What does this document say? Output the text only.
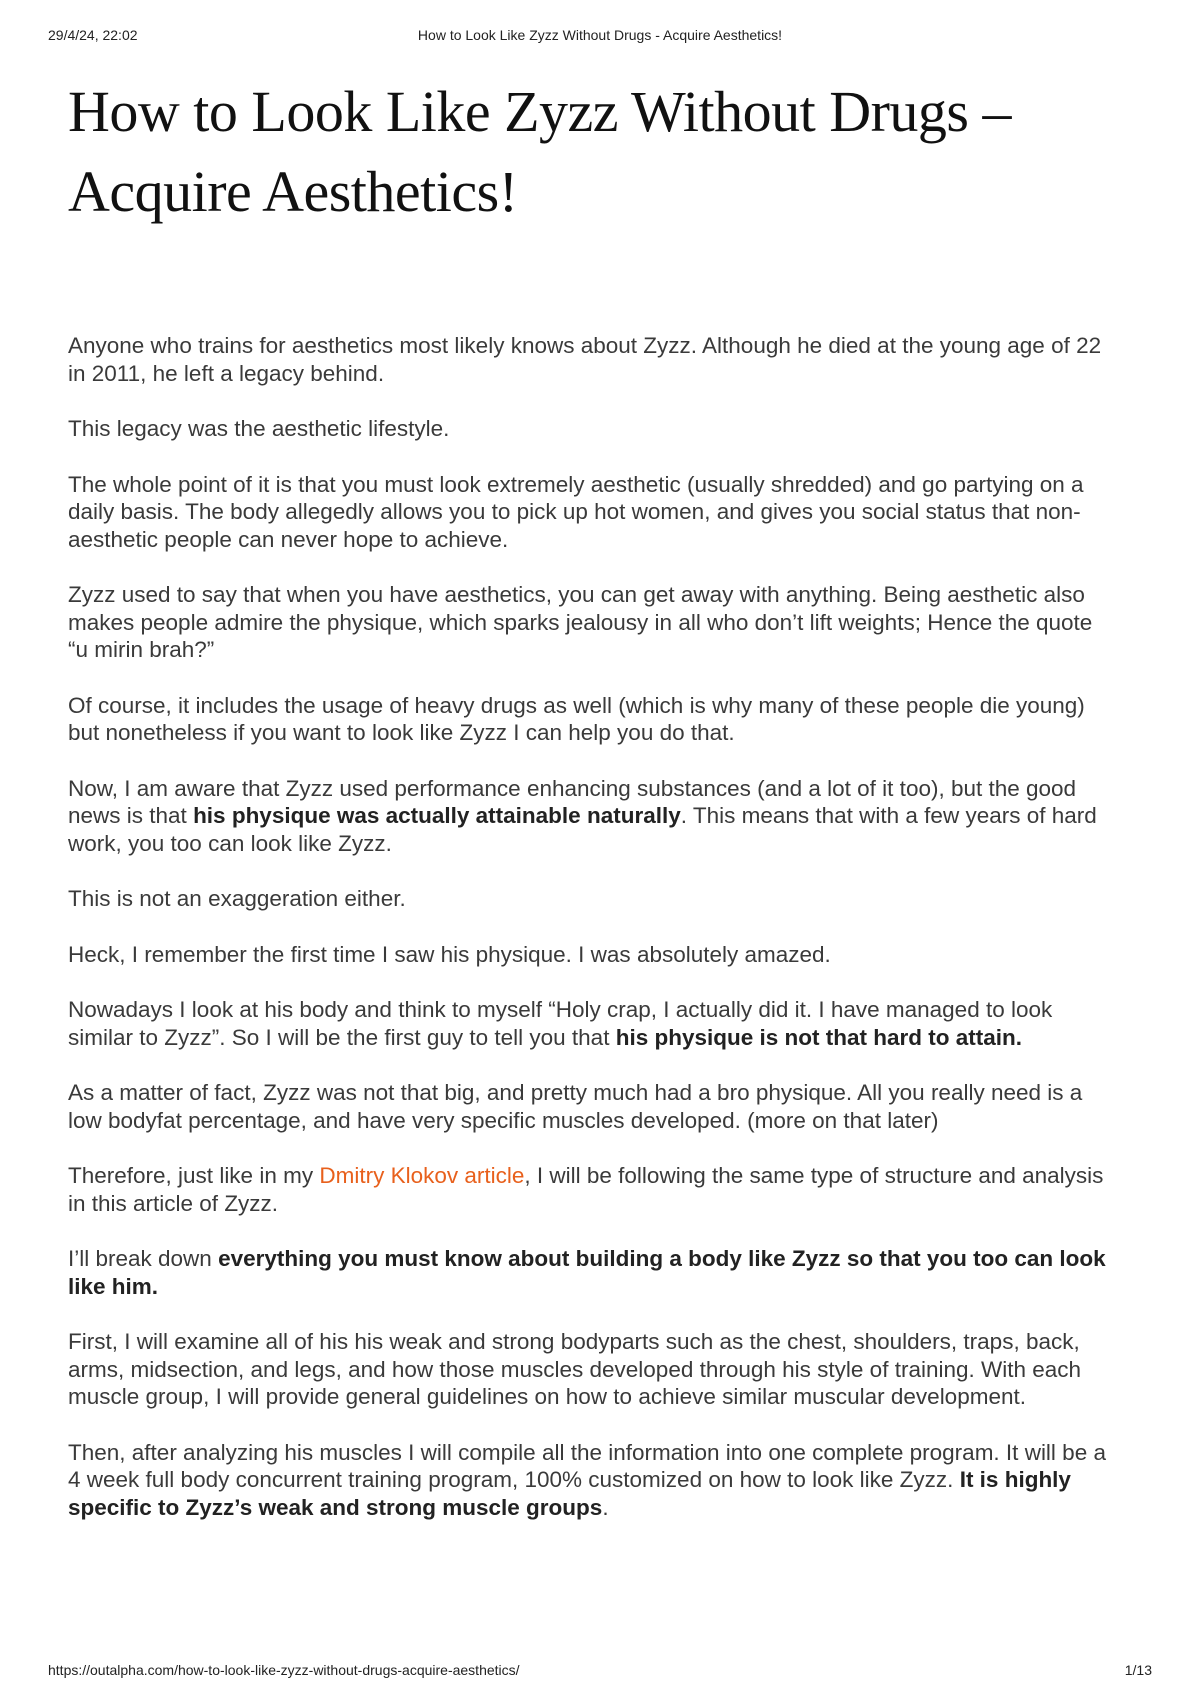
29/4/24, 22:02	How to Look Like Zyzz Without Drugs - Acquire Aesthetics!
How to Look Like Zyzz Without Drugs – Acquire Aesthetics!

Anyone who trains for aesthetics most likely knows about Zyzz. Although he died at the young age of 22 in 2011, he left a legacy behind.

This legacy was the aesthetic lifestyle.

The whole point of it is that you must look extremely aesthetic (usually shredded) and go partying on a daily basis. The body allegedly allows you to pick up hot women, and gives you social status that non-aesthetic people can never hope to achieve.

Zyzz used to say that when you have aesthetics, you can get away with anything. Being aesthetic also makes people admire the physique, which sparks jealousy in all who don’t lift weights; Hence the quote “u mirin brah?”

Of course, it includes the usage of heavy drugs as well (which is why many of these people die young) but nonetheless if you want to look like Zyzz I can help you do that.

Now, I am aware that Zyzz used performance enhancing substances (and a lot of it too), but the good news is that his physique was actually attainable naturally. This means that with a few years of hard work, you too can look like Zyzz.

This is not an exaggeration either.

Heck, I remember the first time I saw his physique. I was absolutely amazed.

Nowadays I look at his body and think to myself “Holy crap, I actually did it. I have managed to look similar to Zyzz”. So I will be the first guy to tell you that his physique is not that hard to attain.

As a matter of fact, Zyzz was not that big, and pretty much had a bro physique. All you really need is a low bodyfat percentage, and have very specific muscles developed. (more on that later)

Therefore, just like in my Dmitry Klokov article, I will be following the same type of structure and analysis in this article of Zyzz.

I’ll break down everything you must know about building a body like Zyzz so that you too can look like him.

First, I will examine all of his his weak and strong bodyparts such as the chest, shoulders, traps, back, arms, midsection, and legs, and how those muscles developed through his style of training. With each muscle group, I will provide general guidelines on how to achieve similar muscular development.

Then, after analyzing his muscles I will compile all the information into one complete program. It will be a 4 week full body concurrent training program, 100% customized on how to look like Zyzz. It is highly specific to Zyzz’s weak and strong muscle groups.

https://outalpha.com/how-to-look-like-zyzz-without-drugs-acquire-aesthetics/	1/13
